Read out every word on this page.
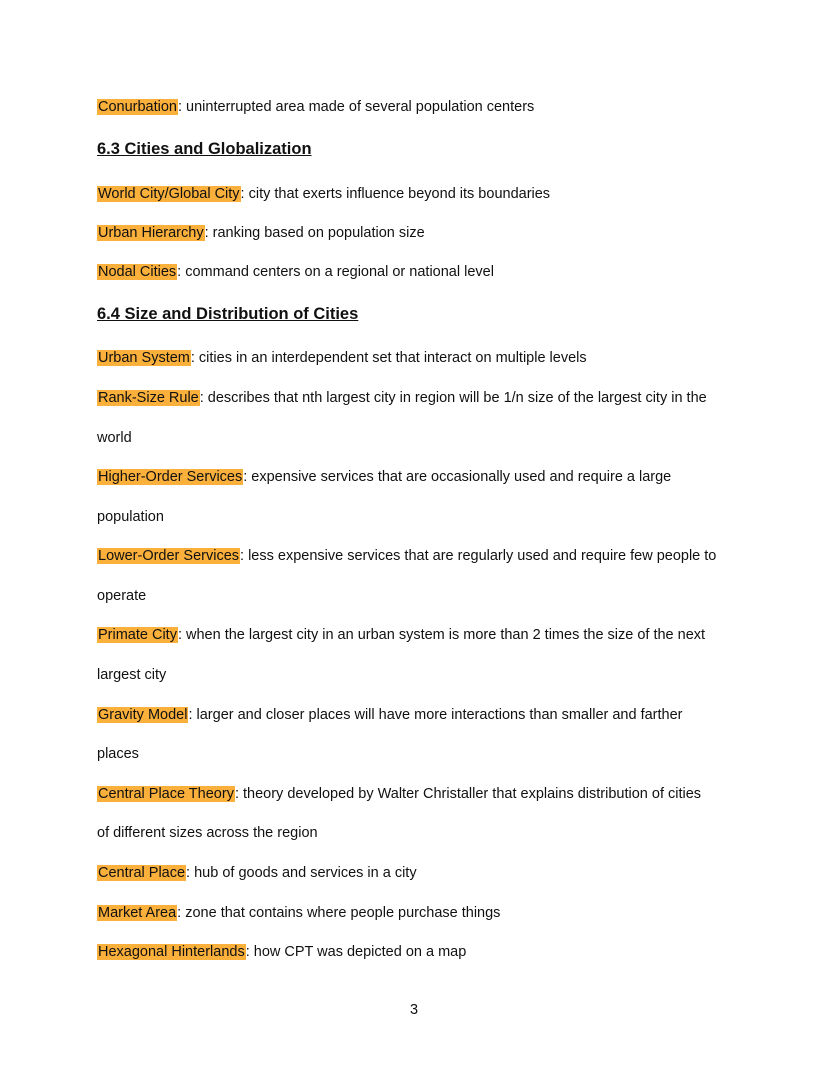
Conurbation: uninterrupted area made of several population centers
6.3 Cities and Globalization
World City/Global City: city that exerts influence beyond its boundaries
Urban Hierarchy: ranking based on population size
Nodal Cities: command centers on a regional or national level
6.4 Size and Distribution of Cities
Urban System: cities in an interdependent set that interact on multiple levels
Rank-Size Rule: describes that nth largest city in region will be 1/n size of the largest city in the
world
Higher-Order Services: expensive services that are occasionally used and require a large
population
Lower-Order Services: less expensive services that are regularly used and require few people to
operate
Primate City: when the largest city in an urban system is more than 2 times the size of the next
largest city
Gravity Model: larger and closer places will have more interactions than smaller and farther
places
Central Place Theory: theory developed by Walter Christaller that explains distribution of cities
of different sizes across the region
Central Place: hub of goods and services in a city
Market Area: zone that contains where people purchase things
Hexagonal Hinterlands: how CPT was depicted on a map
3
